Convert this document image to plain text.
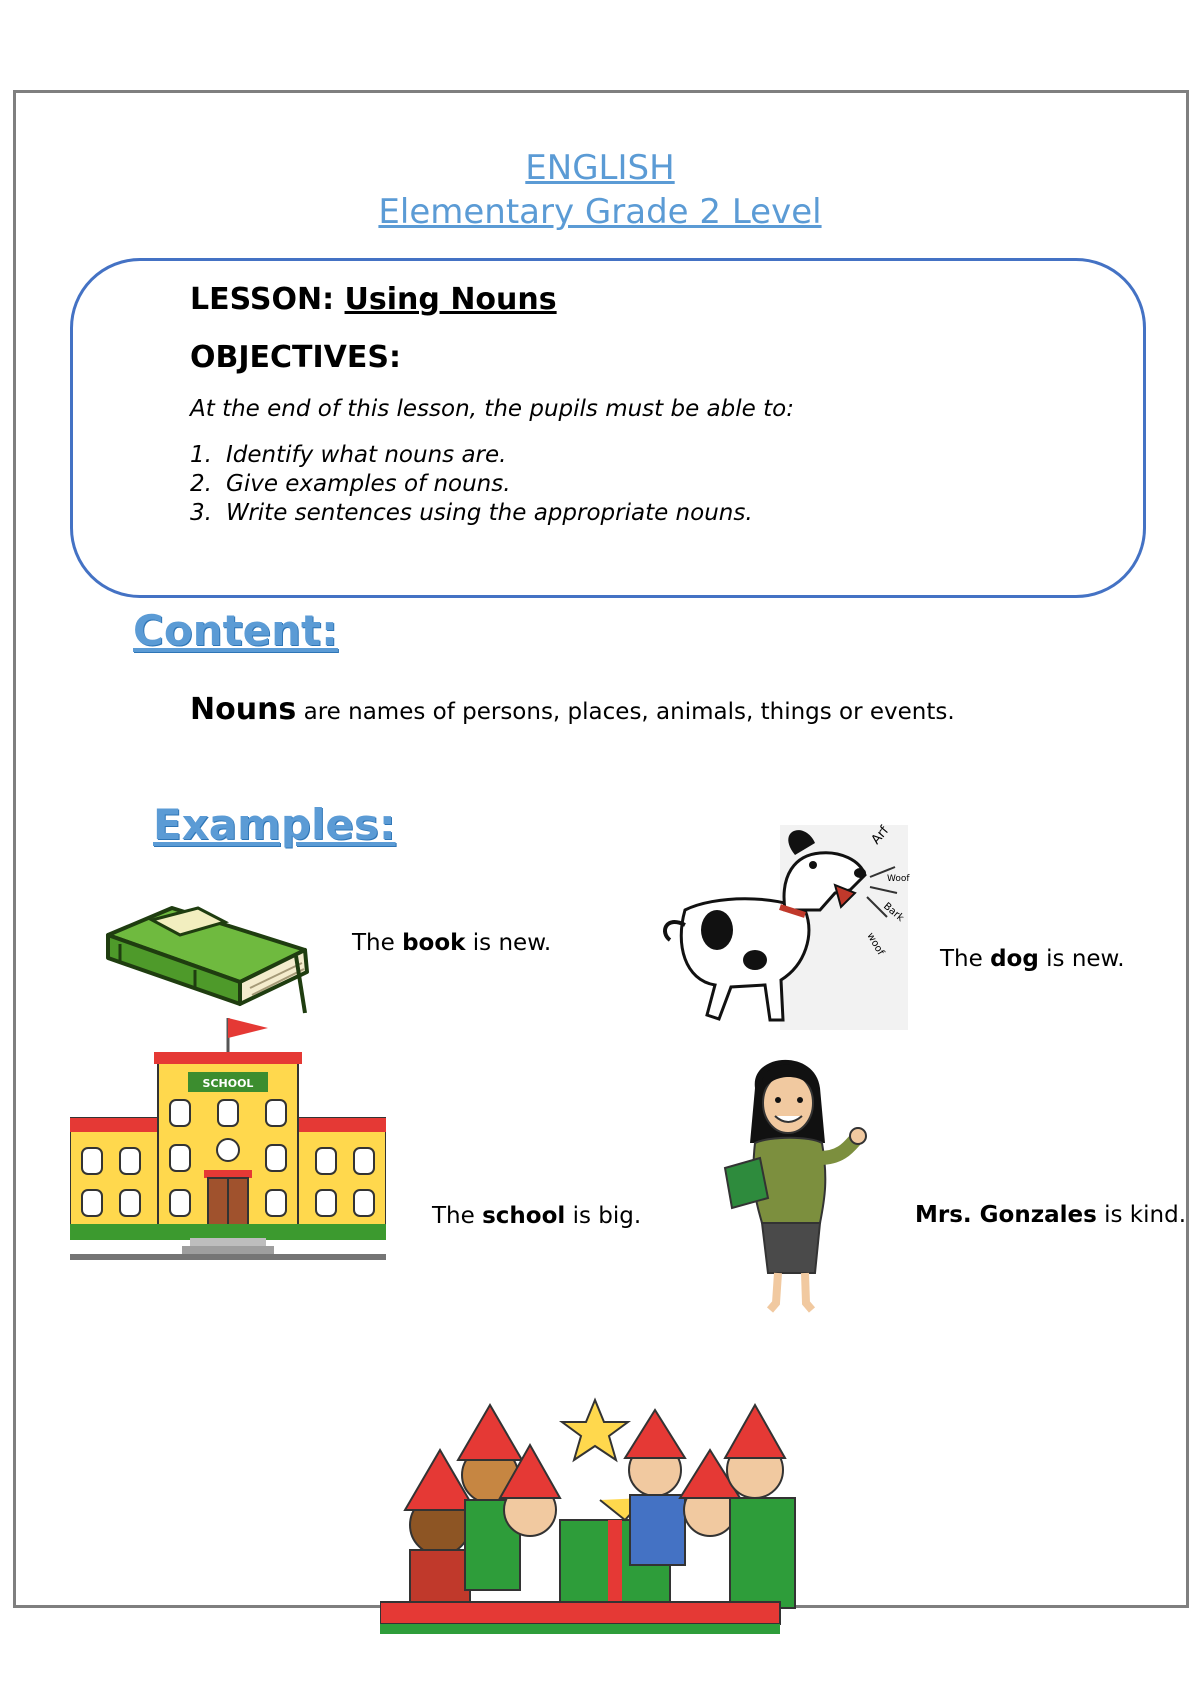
ENGLISH
Elementary Grade 2 Level
LESSON: Using Nouns
OBJECTIVES:
At the end of this lesson, the pupils must be able to:
1. Identify what nouns are.
2. Give examples of nouns.
3. Write sentences using the appropriate nouns.
Content:
Nouns are names of persons, places, animals, things or events.
Examples:
The book is new.
Arf
Woof
Bark
woof
The dog is new.
SCHOOL
The school is big.	Mrs. Gonzales is kind.
